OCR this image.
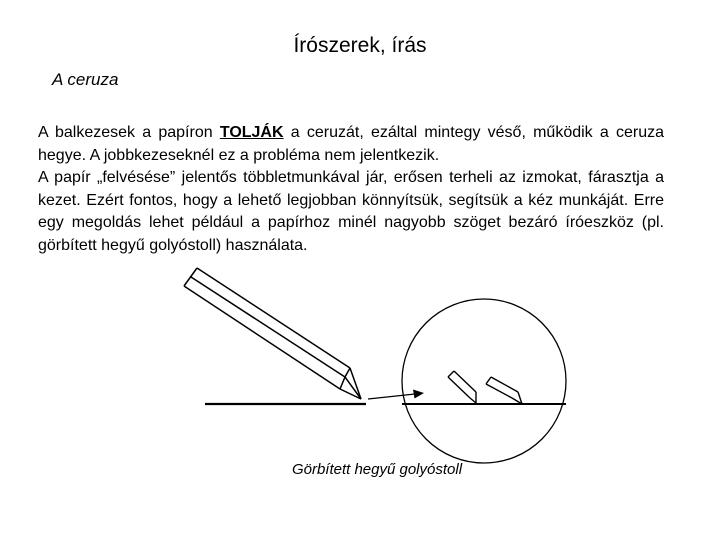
Írószerek, írás
A ceruza

A balkezesek a papíron TOLJÁK a ceruzát, ezáltal mintegy véső, működik a ceruza hegye. A jobbkezeseknél ez a probléma nem jelentkezik.

A papír „felvésése” jelentős többletmunkával jár, erősen terheli az izmokat, fárasztja a kezet. Ezért fontos, hogy a lehető legjobban könnyítsük, segítsük a kéz munkáját. Erre egy megoldás lehet például a papírhoz minél nagyobb szöget bezáró íróeszköz (pl. görbített hegyű golyóstoll) használata.

Görbített hegyű golyóstoll
